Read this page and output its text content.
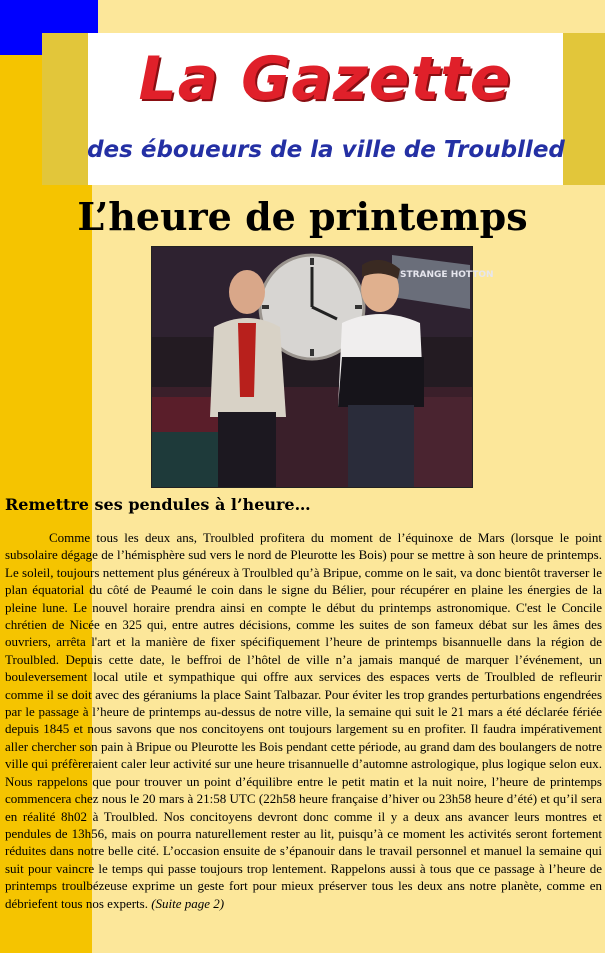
La Gazette
des éboueurs de la ville de Troublled
L’heure de printemps
STRANGE HOTTON
Remettre ses pendules à l’heure…

Comme tous les deux ans, Troulbled profitera du moment de l’équinoxe de Mars (lorsque le point subsolaire dégage de l’hémisphère sud vers le nord de Pleurotte les Bois) pour se mettre à son heure de printemps. Le soleil, toujours nettement plus généreux à Troulbled qu’à Bripue, comme on le sait, va donc bientôt traverser le plan équatorial du côté de Peaumé le coin dans le signe du Bélier, pour récupérer en plaine les énergies de la pleine lune. Le nouvel horaire prendra ainsi en compte le début du printemps astronomique. C'est le Concile chrétien de Nicée en 325 qui, entre autres décisions, comme les suites de son fameux débat sur les âmes des ouvriers, arrêta l'art et la manière de fixer spécifiquement l’heure de printemps bisannuelle dans la région de Troulbled. Depuis cette date, le beffroi de l’hôtel de ville n’a jamais manqué de marquer l’événement, un bouleversement local utile et sympathique qui offre aux services des espaces verts de Troulbled de refleurir comme il se doit avec des géraniums la place Saint Talbazar. Pour éviter les trop grandes perturbations engendrées par le passage à l’heure de printemps au-dessus de notre ville, la semaine qui suit le 21 mars a été déclarée fériée depuis 1845 et nous savons que nos concitoyens ont toujours largement su en profiter. Il faudra impérativement aller chercher son pain à Bripue ou Pleurotte les Bois pendant cette période, au grand dam des boulangers de notre ville qui préfèreraient caler leur activité sur une heure trisannuelle d’automne astrologique, plus logique selon eux. Nous rappelons que pour trouver un point d’équilibre entre le petit matin et la nuit noire, l’heure de printemps commencera chez nous le 20 mars à 21:58 UTC (22h58 heure française d’hiver ou 23h58 heure d’été) et qu’il sera en réalité 8h02 à Troulbled. Nos concitoyens devront donc comme il y a deux ans avancer leurs montres et pendules de 13h56, mais on pourra naturellement rester au lit, puisqu’à ce moment les activités seront fortement réduites dans notre belle cité. L’occasion ensuite de s’épanouir dans le travail personnel et manuel la semaine qui suit pour vaincre le temps qui passe toujours trop lentement. Rappelons aussi à tous que ce passage à l’heure de printemps troulbézeuse exprime un geste fort pour mieux préserver tous les deux ans notre planète, comme en débriefent tous nos experts. (Suite page 2)
